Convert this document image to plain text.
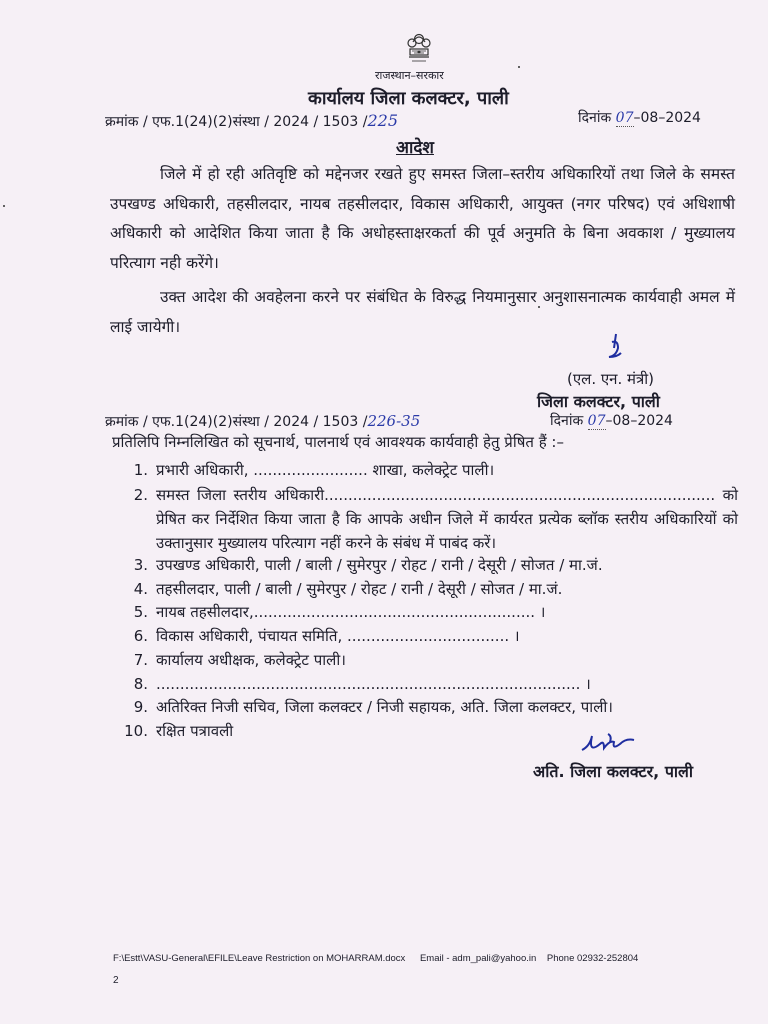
राजस्थान–सरकार
कार्यालय जिला कलक्टर, पाली
क्रमांक / एफ.1(24)(2)संस्था / 2024 / 1503 /225	दिनांक 07–08–2024
आदेश
जिले में हो रही अतिवृष्टि को मद्देनजर रखते हुए समस्त जिला–स्तरीय अधिकारियों तथा जिले के समस्त उपखण्ड अधिकारी, तहसीलदार, नायब तहसीलदार, विकास अधिकारी, आयुक्त (नगर परिषद) एवं अधिशाषी अधिकारी को आदेशित किया जाता है कि अधोहस्ताक्षरकर्ता की पूर्व अनुमति के बिना अवकाश / मुख्यालय परित्याग नही करेंगे।
उक्त आदेश की अवहेलना करने पर संबंधित के विरुद्ध नियमानुसार अनुशासनात्मक कार्यवाही अमल में लाई जायेगी।
(एल. एन. मंत्री)
जिला कलक्टर, पाली
क्रमांक / एफ.1(24)(2)संस्था / 2024 / 1503 /226-35	दिनांक 07–08–2024
प्रतिलिपि निम्नलिखित को सूचनार्थ, पालनार्थ एवं आवश्यक कार्यवाही हेतु प्रेषित हैं :–
1. प्रभारी अधिकारी, ........................ शाखा, कलेक्ट्रेट पाली।
2. समस्त जिला स्तरीय अधिकारी.................................................................................. को प्रेषित कर निर्देशित किया जाता है कि आपके अधीन जिले में कार्यरत प्रत्येक ब्लॉक स्तरीय अधिकारियों को उक्तानुसार मुख्यालय परित्याग नहीं करने के संबंध में पाबंद करें।
3. उपखण्ड अधिकारी, पाली / बाली / सुमेरपुर / रोहट / रानी / देसूरी / सोजत / मा.जं.
4. तहसीलदार, पाली / बाली / सुमेरपुर / रोहट / रानी / देसूरी / सोजत / मा.जं.
5. नायब तहसीलदार,........................................................... ।
6. विकास अधिकारी, पंचायत समिति, .................................. ।
7. कार्यालय अधीक्षक, कलेक्ट्रेट पाली।
8. ......................................................................................... ।
9. अतिरिक्त निजी सचिव, जिला कलक्टर / निजी सहायक, अति. जिला कलक्टर, पाली।
10. रक्षित पत्रावली
अति. जिला कलक्टर, पाली
F:\Estt\VASU-General\EFILE\Leave Restriction on MOHARRAM.docx Email - adm_pali@yahoo.in Phone 02932-252804
2
